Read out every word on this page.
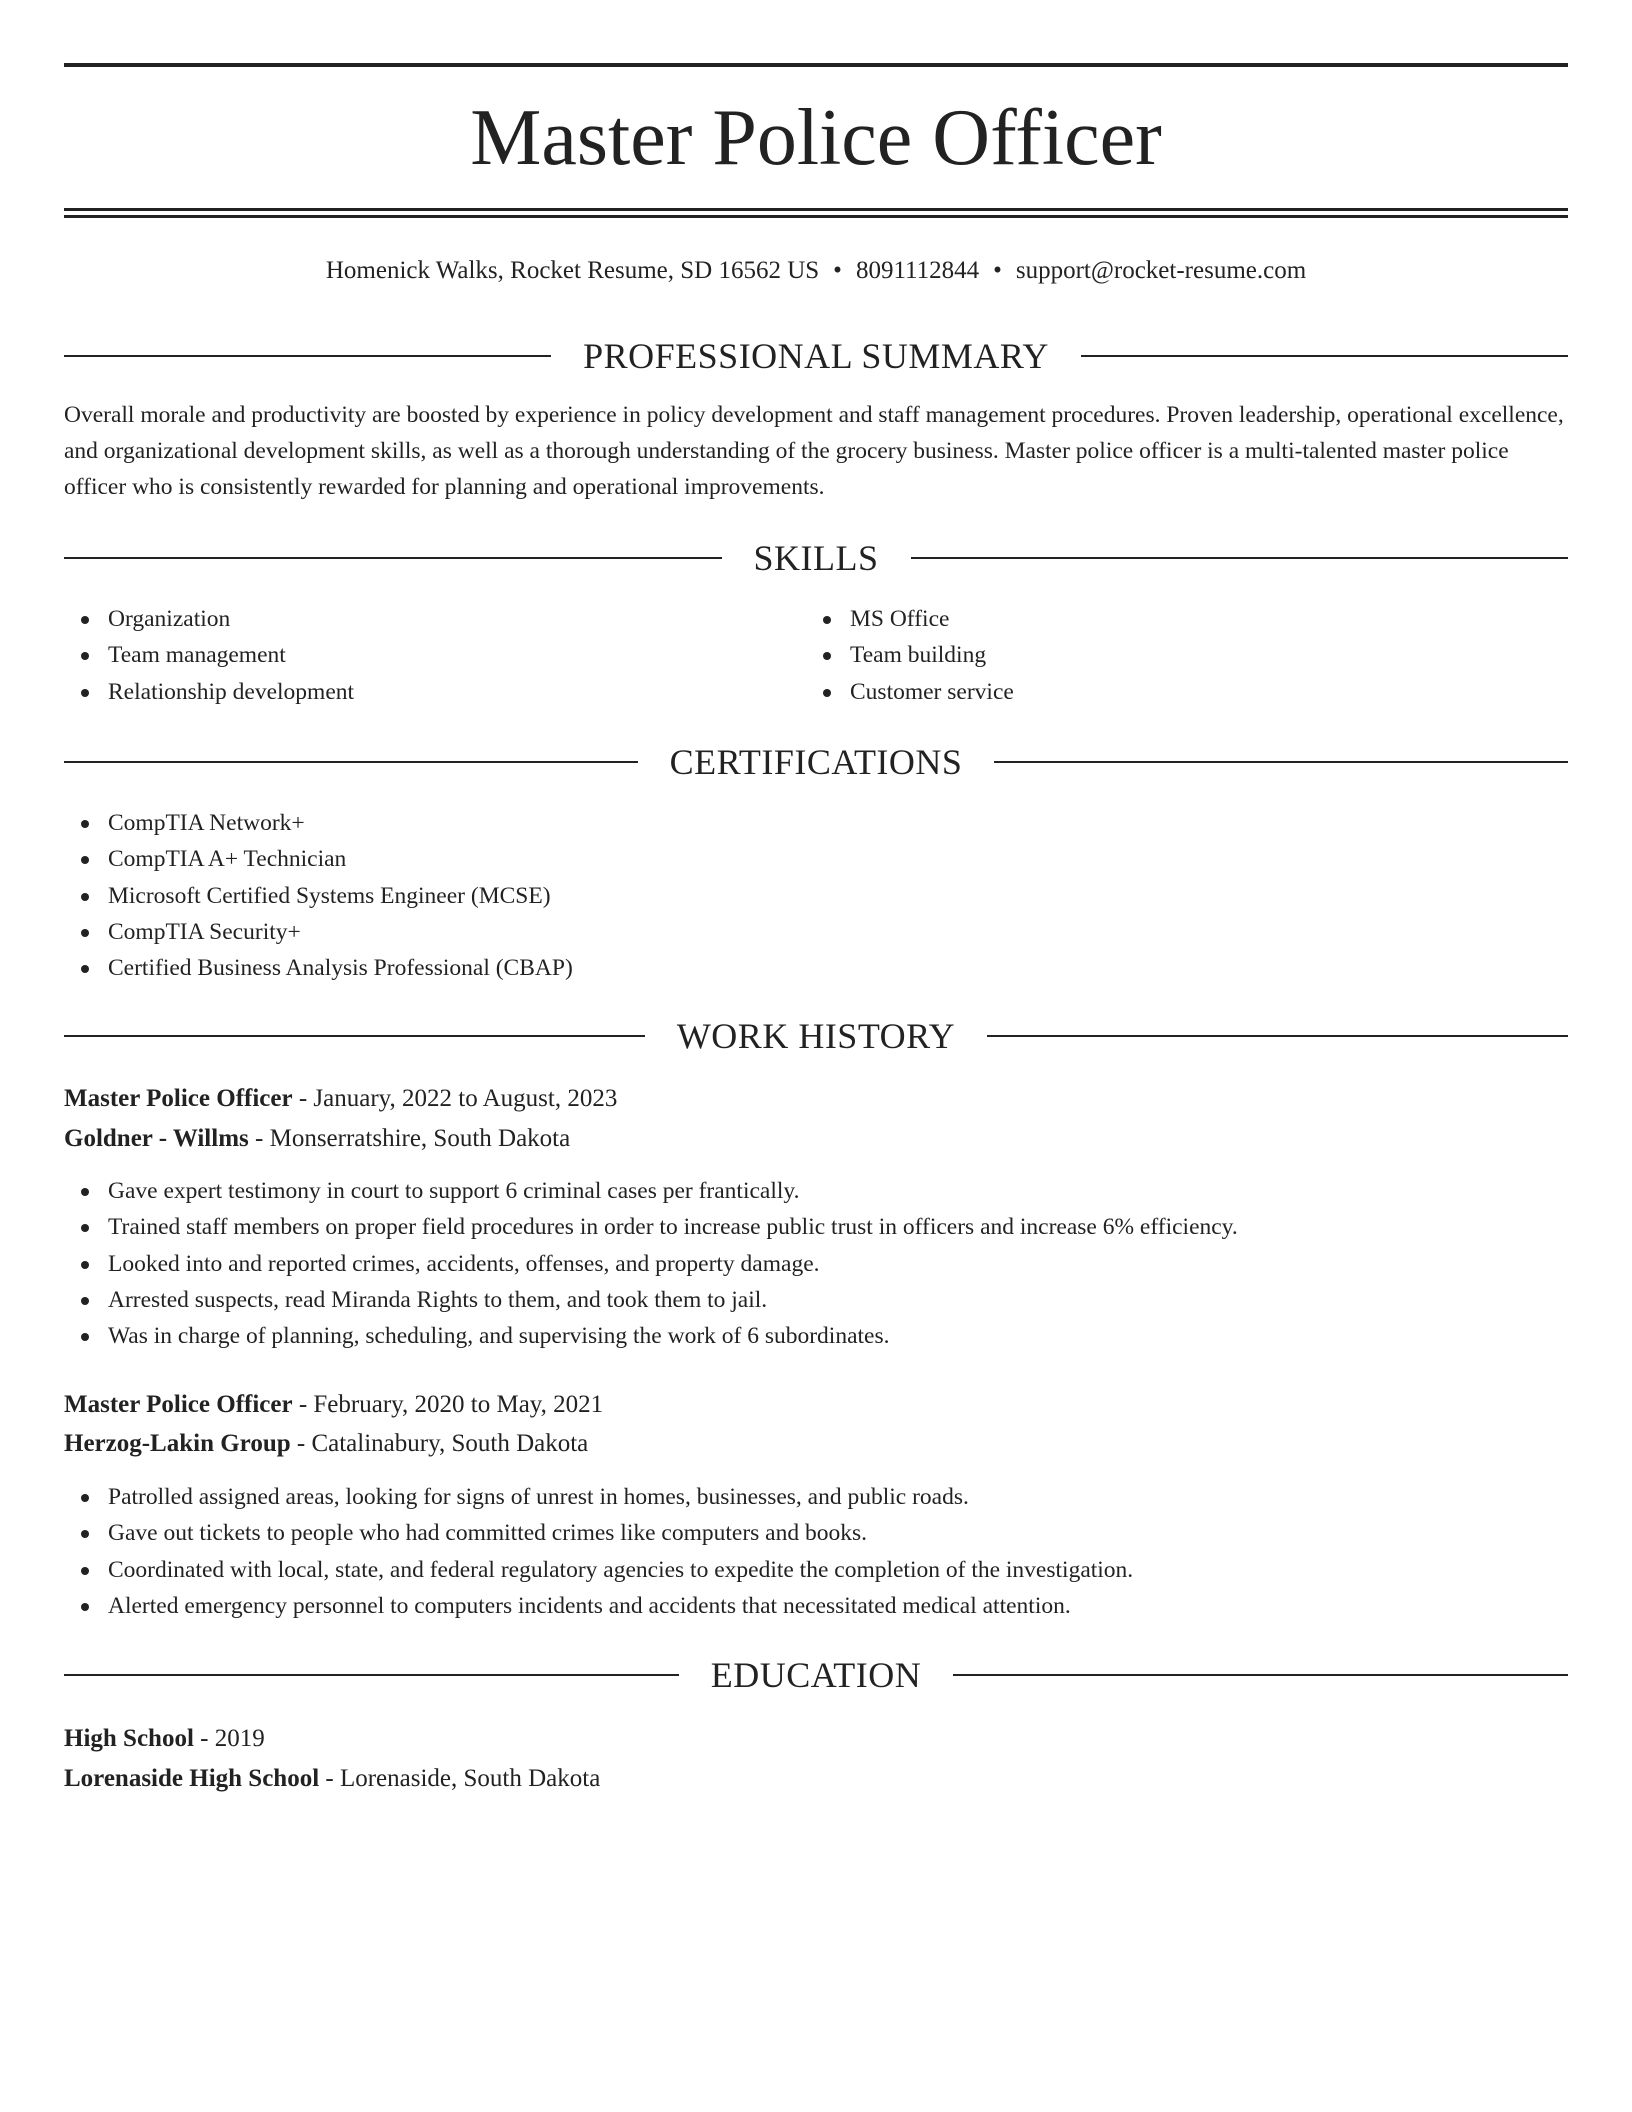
Master Police Officer
Homenick Walks, Rocket Resume, SD 16562 US • 8091112844 • support@rocket-resume.com
PROFESSIONAL SUMMARY

Overall morale and productivity are boosted by experience in policy development and staff management procedures. Proven leadership, operational excellence, and organizational development skills, as well as a thorough understanding of the grocery business. Master police officer is a multi-talented master police officer who is consistently rewarded for planning and operational improvements.

SKILLS
Organization
Team management
Relationship development
MS Office
Team building
Customer service
CERTIFICATIONS
CompTIA Network+
CompTIA A+ Technician
Microsoft Certified Systems Engineer (MCSE)
CompTIA Security+
Certified Business Analysis Professional (CBAP)
WORK HISTORY
Master Police Officer - January, 2022 to August, 2023
Goldner - Willms - Monserratshire, South Dakota
Gave expert testimony in court to support 6 criminal cases per frantically.
Trained staff members on proper field procedures in order to increase public trust in officers and increase 6% efficiency.
Looked into and reported crimes, accidents, offenses, and property damage.
Arrested suspects, read Miranda Rights to them, and took them to jail.
Was in charge of planning, scheduling, and supervising the work of 6 subordinates.
Master Police Officer - February, 2020 to May, 2021
Herzog-Lakin Group - Catalinabury, South Dakota
Patrolled assigned areas, looking for signs of unrest in homes, businesses, and public roads.
Gave out tickets to people who had committed crimes like computers and books.
Coordinated with local, state, and federal regulatory agencies to expedite the completion of the investigation.
Alerted emergency personnel to computers incidents and accidents that necessitated medical attention.
EDUCATION
High School - 2019
Lorenaside High School - Lorenaside, South Dakota
